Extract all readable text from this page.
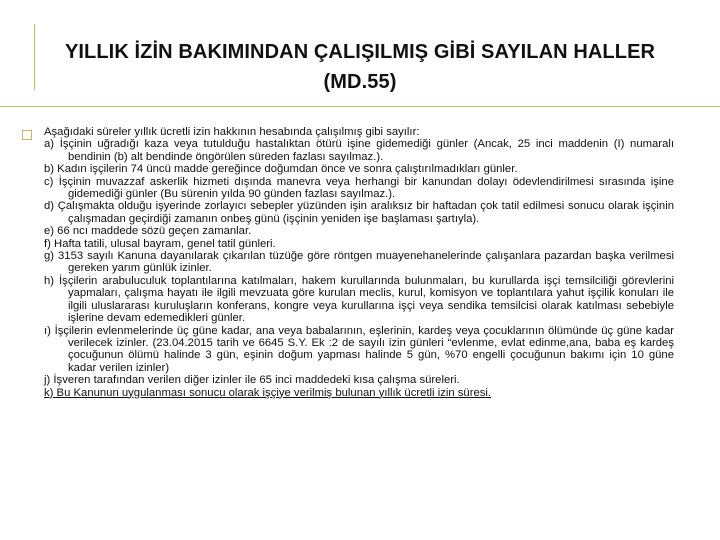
YILLIK İZİN BAKIMINDAN ÇALIŞILMIŞ GİBİ SAYILAN HALLER (MD.55)

Aşağıdaki süreler yıllık ücretli izin hakkının hesabında çalışılmış gibi sayılır:

a) İşçinin uğradığı kaza veya tutulduğu hastalıktan ötürü işine gidemediği günler (Ancak, 25 inci maddenin (I) numaralı bendinin (b) alt bendinde öngörülen süreden fazlası sayılmaz.).
b) Kadın işçilerin 74 üncü madde gereğince doğumdan önce ve sonra çalıştırılmadıkları günler.
c) İşçinin muvazzaf askerlik hizmeti dışında manevra veya herhangi bir kanundan dolayı ödevlendirilmesi sırasında işine gidemediği günler (Bu sürenin yılda 90 günden fazlası sayılmaz.).
d) Çalışmakta olduğu işyerinde zorlayıcı sebepler yüzünden işin aralıksız bir haftadan çok tatil edilmesi sonucu olarak işçinin çalışmadan geçirdiği zamanın onbeş günü (işçinin yeniden işe başlaması şartıyla).
e) 66 ncı maddede sözü geçen zamanlar.
f) Hafta tatili, ulusal bayram, genel tatil günleri.
g) 3153 sayılı Kanuna dayanılarak çıkarılan tüzüğe göre röntgen muayenehanelerinde çalışanlara pazardan başka verilmesi gereken yarım günlük izinler.
h) İşçilerin arabuluculuk toplantılarına katılmaları, hakem kurullarında bulunmaları, bu kurullarda işçi temsilciliği görevlerini yapmaları, çalışma hayatı ile ilgili mevzuata göre kurulan meclis, kurul, komisyon ve toplantılara yahut işçilik konuları ile ilgili uluslararası kuruluşların konferans, kongre veya kurullarına işçi veya sendika temsilcisi olarak katılması sebebiyle işlerine devam edemedikleri günler.
ı) İşçilerin evlenmelerinde üç güne kadar, ana veya babalarının, eşlerinin, kardeş veya çocuklarının ölümünde üç güne kadar verilecek izinler. (23.04.2015 tarih ve 6645 S.Y. Ek :2 de sayılı izin günleri “evlenme, evlat edinme,ana, baba eş kardeş çocuğunun ölümü halinde 3 gün, eşinin doğum yapması halinde 5 gün, %70 engelli çocuğunun bakımı için 10 güne kadar verilen izinler)
j) İşveren tarafından verilen diğer izinler ile 65 inci maddedeki kısa çalışma süreleri.
k) Bu Kanunun uygulanması sonucu olarak işçiye verilmiş bulunan yıllık ücretli izin süresi.
